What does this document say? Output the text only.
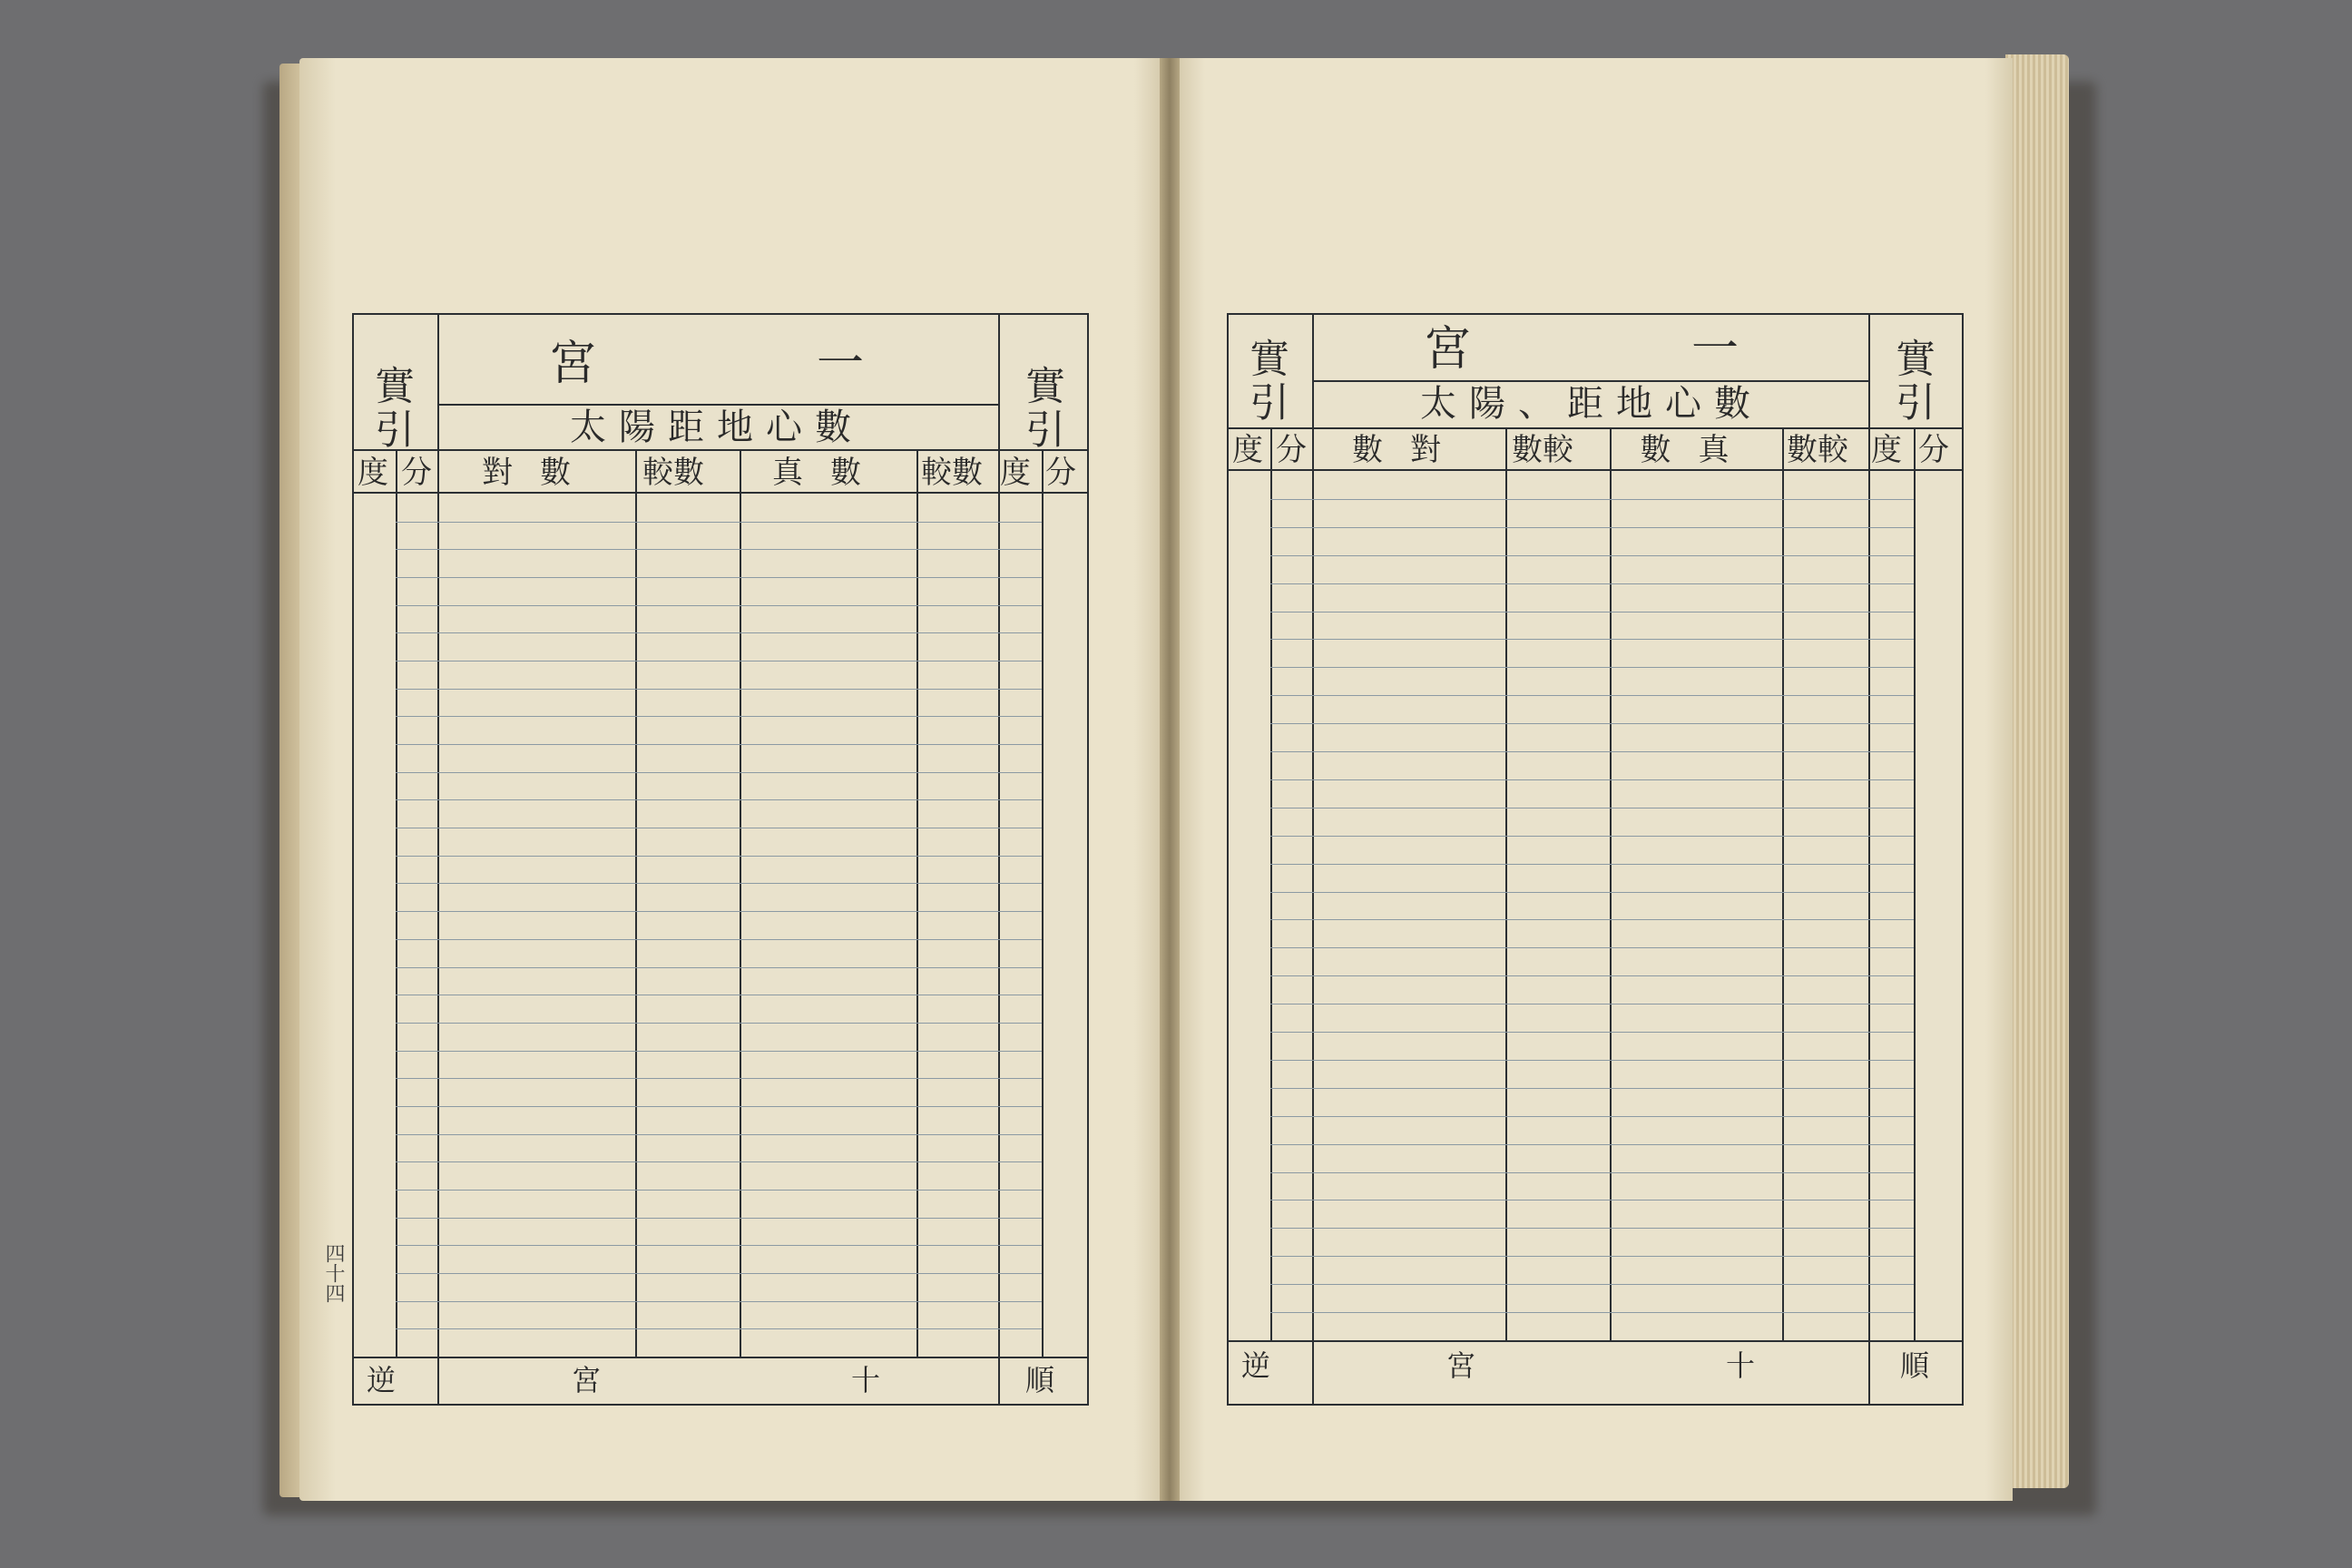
實引	實引
宮	一
太陽距地心數
度 分	對數	較數	真數	較數 度 分
逆	宮	十	順
四十四
實引	實引
宮	一
太陽、距地心數
度 分	數對	數較	數真 數較 度 分
逆	宮	十	順
